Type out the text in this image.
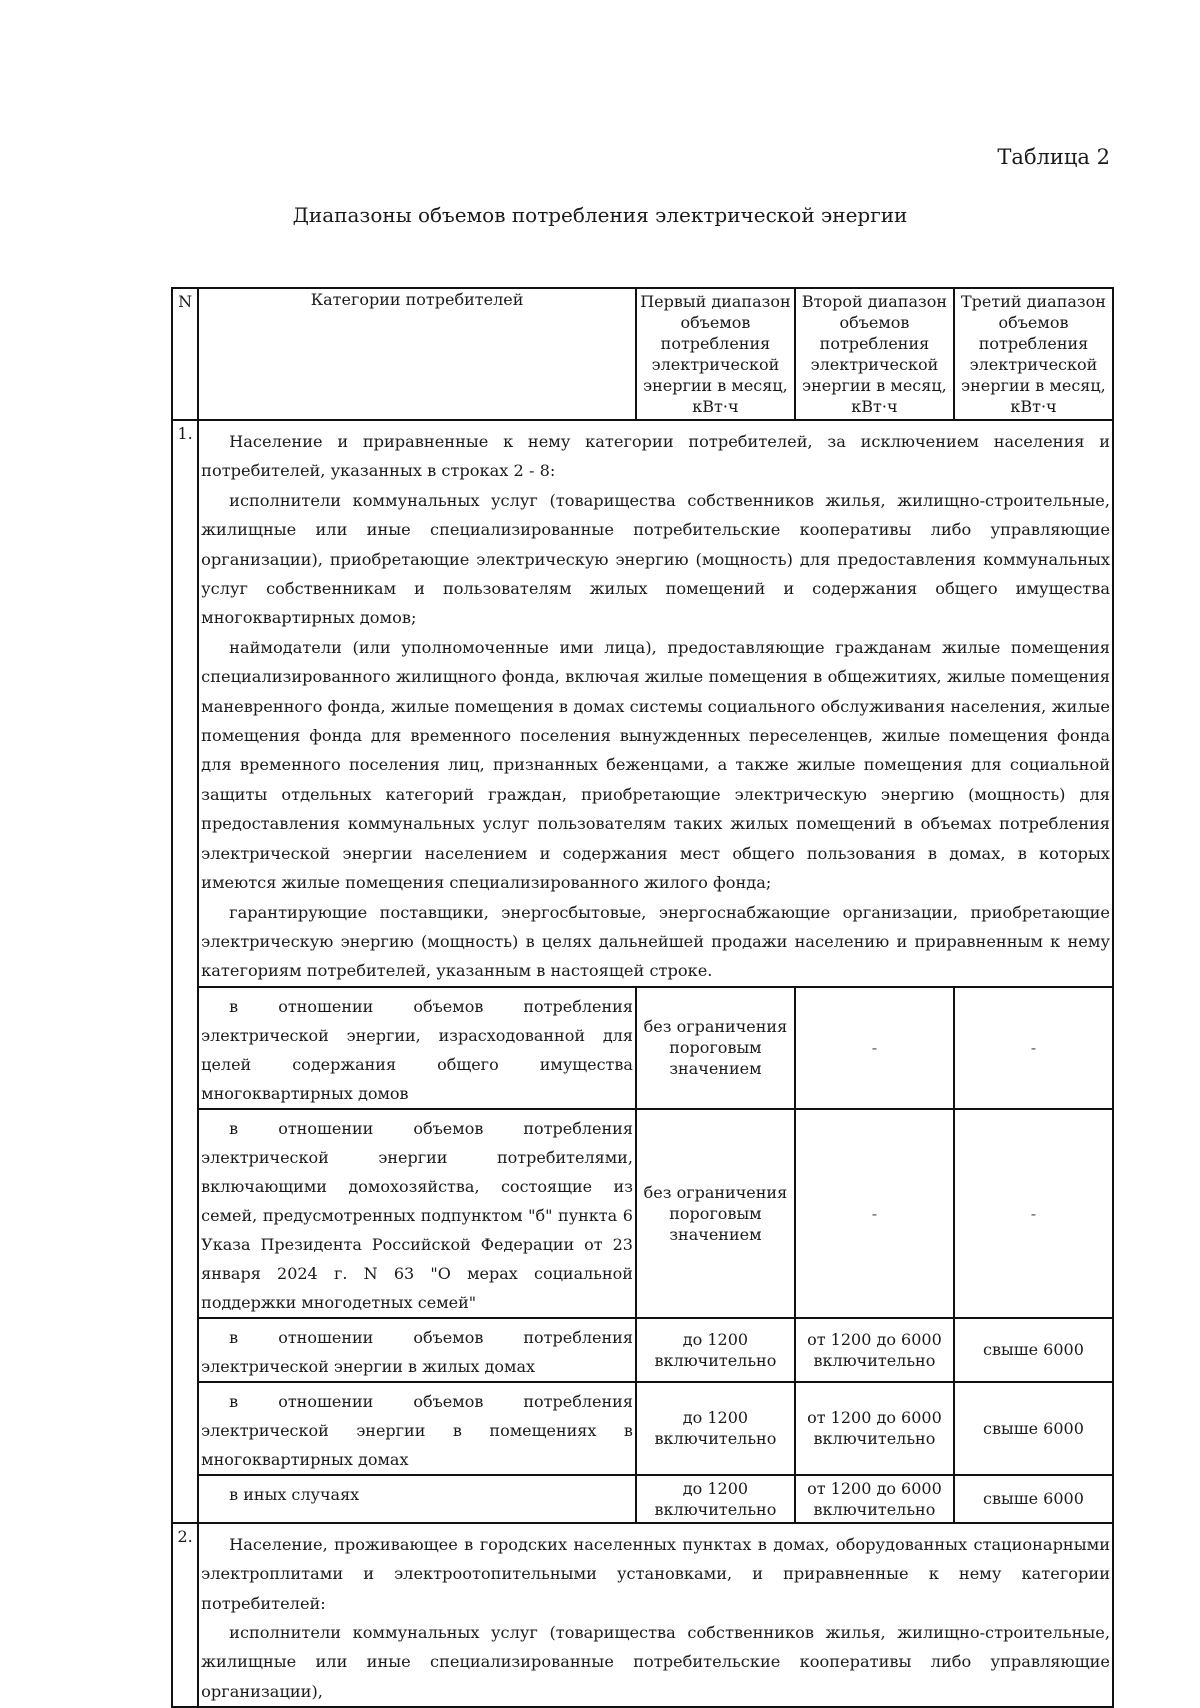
Таблица 2
Диапазоны объемов потребления электрической энергии
N	Категории потребителей	Первый диапазон объемов потребления электрической энергии в месяц, кВт·ч	Второй диапазон объемов потребления электрической энергии в месяц, кВт·ч	Третий диапазон объемов потребления электрической энергии в месяц, кВт·ч
1.	Население и приравненные к нему категории потребителей, за исключением населения и потребителей, указанных в строках 2 - 8:

исполнители коммунальных услуг (товарищества собственников жилья, жилищно-строительные, жилищные или иные специализированные потребительские кооперативы либо управляющие организации), приобретающие электрическую энергию (мощность) для предоставления коммунальных услуг собственникам и пользователям жилых помещений и содержания общего имущества многоквартирных домов;

наймодатели (или уполномоченные ими лица), предоставляющие гражданам жилые помещения специализированного жилищного фонда, включая жилые помещения в общежитиях, жилые помещения маневренного фонда, жилые помещения в домах системы социального обслуживания населения, жилые помещения фонда для временного поселения вынужденных переселенцев, жилые помещения фонда для временного поселения лиц, признанных беженцами, а также жилые помещения для социальной защиты отдельных категорий граждан, приобретающие электрическую энергию (мощность) для предоставления коммунальных услуг пользователям таких жилых помещений в объемах потребления электрической энергии населением и содержания мест общего пользования в домах, в которых имеются жилые помещения специализированного жилого фонда;

гарантирующие поставщики, энергосбытовые, энергоснабжающие организации, приобретающие электрическую энергию (мощность) в целях дальнейшей продажи населению и приравненным к нему категориям потребителей, указанным в настоящей строке.			

	в отношении объемов потребления электрической энергии, израсходованной для целей содержания общего имущества многоквартирных домов	без ограничения пороговым значением	-	-
	в отношении объемов потребления электрической энергии потребителями, включающими домохозяйства, состоящие из семей, предусмотренных подпунктом "б" пункта 6 Указа Президента Российской Федерации от 23 января 2024 г. N 63 "О мерах социальной поддержки многодетных семей"	без ограничения пороговым значением	-	-
	в отношении объемов потребления электрической энергии в жилых домах	до 1200 включительно	от 1200 до 6000 включительно	свыше 6000
	в отношении объемов потребления электрической энергии в помещениях в многоквартирных домах	до 1200 включительно	от 1200 до 6000 включительно	свыше 6000
	в иных случаях	до 1200 включительно	от 1200 до 6000 включительно	свыше 6000
2.	Население, проживающее в городских населенных пунктах в домах, оборудованных стационарными электроплитами и электроотопительными установками, и приравненные к нему категории потребителей:

исполнители коммунальных услуг (товарищества собственников жилья, жилищно-строительные, жилищные или иные специализированные потребительские кооперативы либо управляющие организации),			
